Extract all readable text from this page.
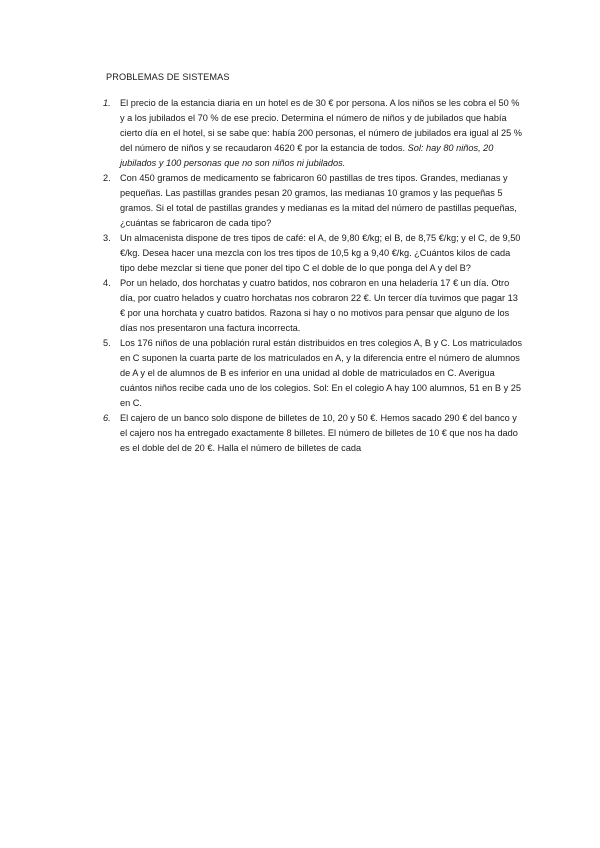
PROBLEMAS DE SISTEMAS
1. El precio de la estancia diaria en un hotel es de 30 € por persona. A los niños se les cobra el 50 % y a los jubilados el 70 % de ese precio. Determina el número de niños y de jubilados que había cierto día en el hotel, si se sabe que: había 200 personas, el número de jubilados era igual al 25 % del número de niños y se recaudaron 4620 € por la estancia de todos. Sol: hay 80 niños, 20 jubilados y 100 personas que no son niños ni jubilados.
2. Con 450 gramos de medicamento se fabricaron 60 pastillas de tres tipos. Grandes, medianas y pequeñas. Las pastillas grandes pesan 20 gramos, las medianas 10 gramos y las pequeñas 5 gramos. Si el total de pastillas grandes y medianas es la mitad del número de pastillas pequeñas, ¿cuántas se fabricaron de cada tipo?
3. Un almacenista dispone de tres tipos de café: el A, de 9,80 €/kg; el B, de 8,75 €/kg; y el C, de 9,50 €/kg. Desea hacer una mezcla con los tres tipos de 10,5 kg a 9,40 €/kg. ¿Cuántos kilos de cada tipo debe mezclar si tiene que poner del tipo C el doble de lo que ponga del A y del B?
4. Por un helado, dos horchatas y cuatro batidos, nos cobraron en una heladería 17 € un día. Otro día, por cuatro helados y cuatro horchatas nos cobraron 22 €. Un tercer día tuvimos que pagar 13 € por una horchata y cuatro batidos. Razona si hay o no motivos para pensar que alguno de los días nos presentaron una factura incorrecta.
5. Los 176 niños de una población rural están distribuidos en tres colegios A, B y C. Los matriculados en C suponen la cuarta parte de los matriculados en A, y la diferencia entre el número de alumnos de A y el de alumnos de B es inferior en una unidad al doble de matriculados en C. Averigua cuántos niños recibe cada uno de los colegios. Sol: En el colegio A hay 100 alumnos, 51 en B y 25 en C.
6. El cajero de un banco solo dispone de billetes de 10, 20 y 50 €. Hemos sacado 290 € del banco y el cajero nos ha entregado exactamente 8 billetes. El número de billetes de 10 € que nos ha dado es el doble del de 20 €. Halla el número de billetes de cada
